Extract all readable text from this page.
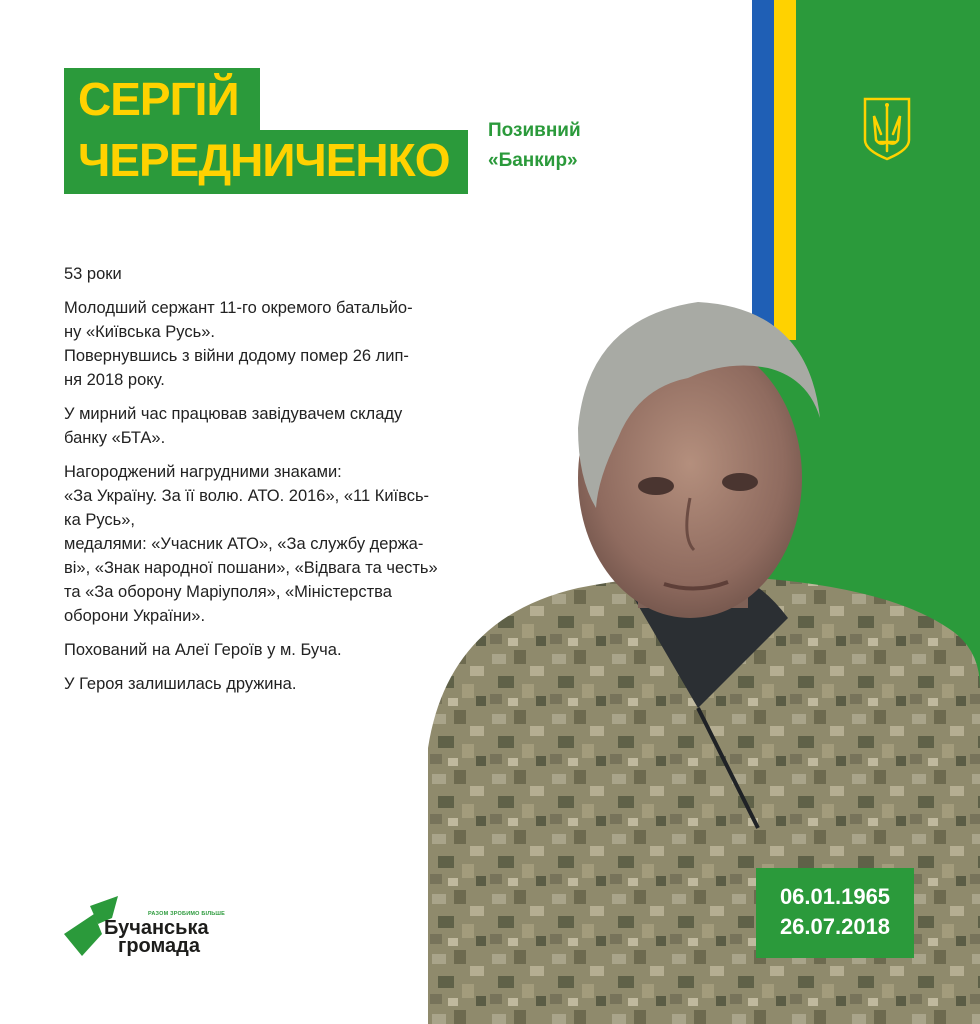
СЕРГІЙ
ЧЕРЕДНИЧЕНКО
Позивний
«Банкир»

53 роки

Молодший сержант 11-го окремого батальйо-
ну «Київська Русь».
Повернувшись з війни додому помер 26 лип-
ня 2018 року.

У мирний час працював завідувачем складу
банку «БТА».

Нагороджений нагрудними знаками:
«За Україну. За її волю. АТО. 2016», «11 Київсь-
ка Русь»,
медалями: «Учасник АТО», «За службу держа-
ві», «Знак народної пошани», «Відвага та честь»
та «За оборону Маріуполя», «Міністерства
оборони України».

Похований на Алеї Героїв у м. Буча.

У Героя залишилась дружина.

06.01.1965
26.07.2018
РАЗОМ ЗРОБИМО БІЛЬШЕ
Бучанська
громада
